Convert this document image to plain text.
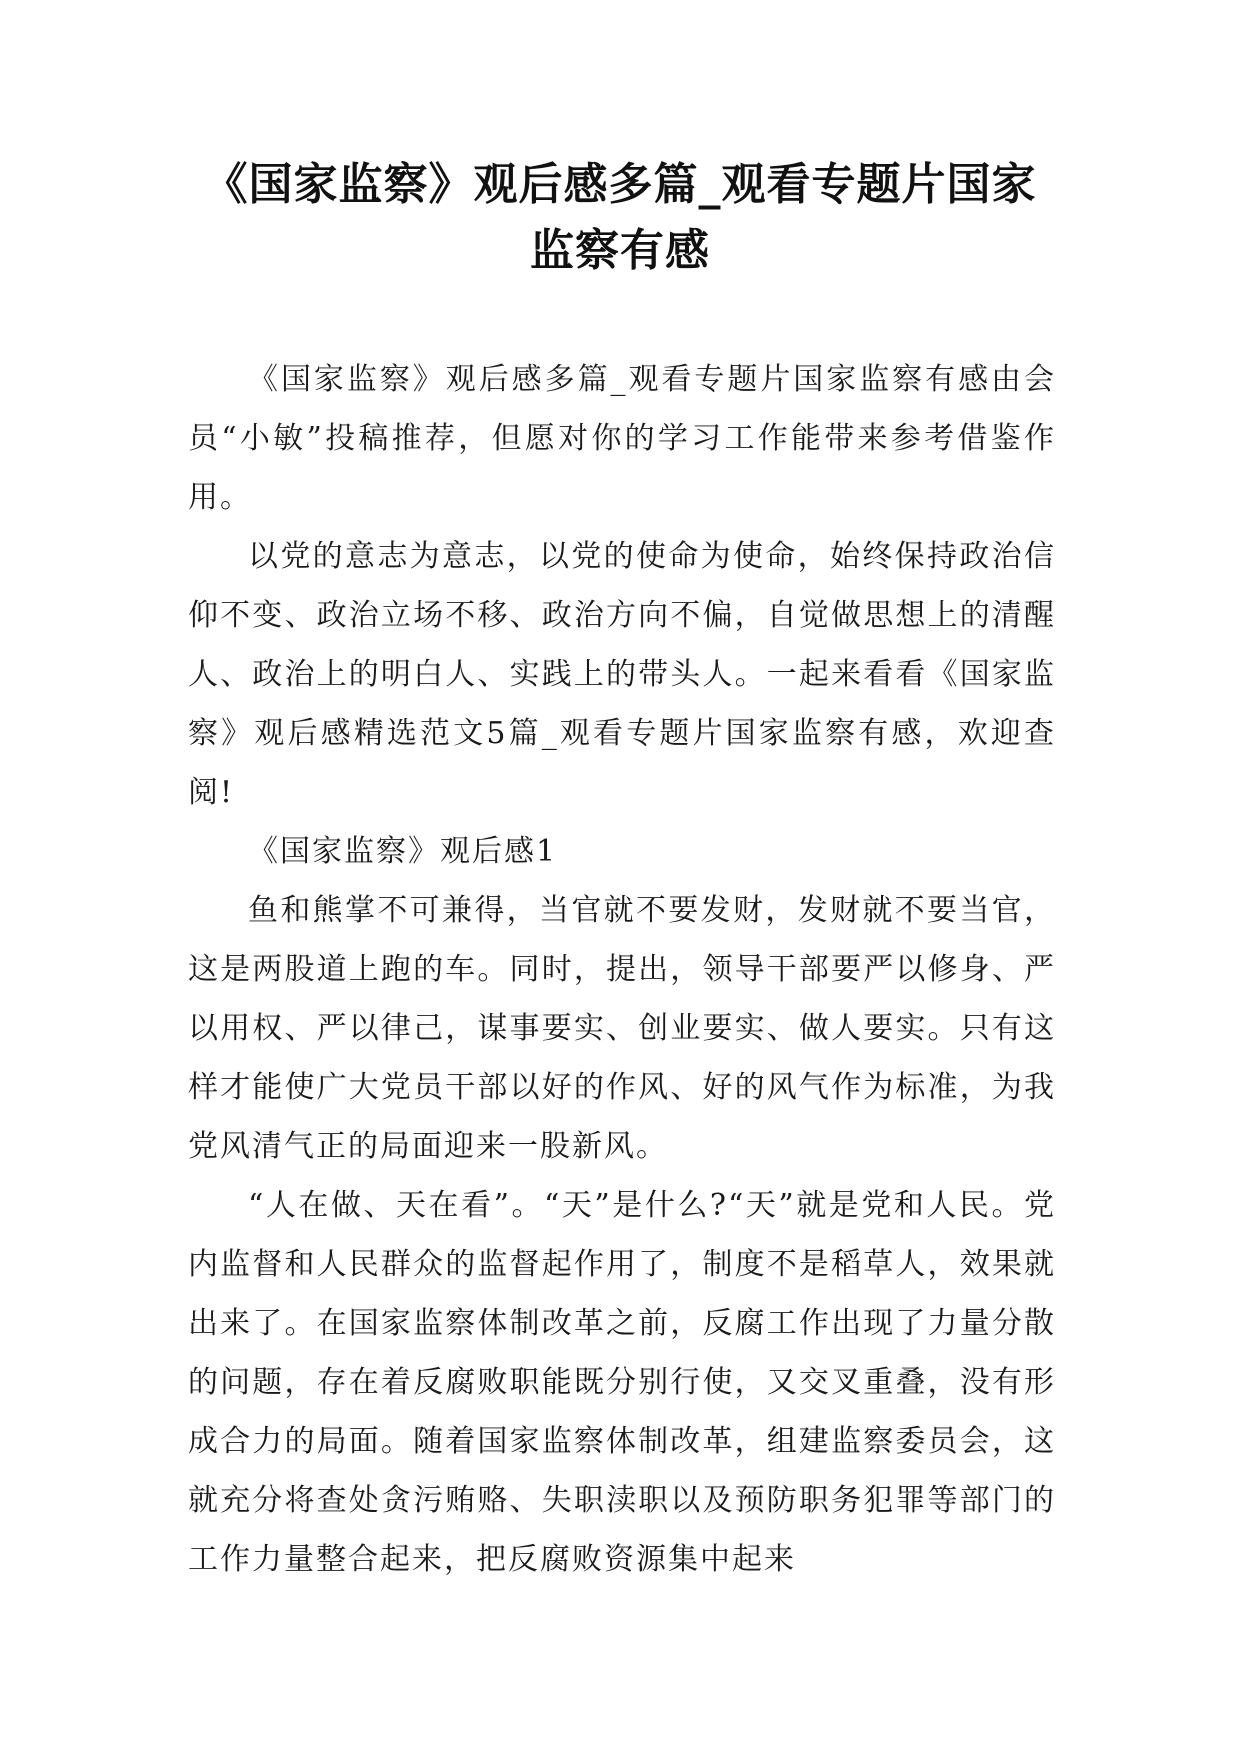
《国家监察》观后感多篇_观看专题片国家
监察有感

《国家监察》观后感多篇_观看专题片国家监察有感由会员“小敏”投稿推荐，但愿对你的学习工作能带来参考借鉴作用。

以党的意志为意志，以党的使命为使命，始终保持政治信仰不变、政治立场不移、政治方向不偏，自觉做思想上的清醒人、政治上的明白人、实践上的带头人。一起来看看《国家监察》观后感精选范文5篇_观看专题片国家监察有感，欢迎查阅!

《国家监察》观后感1

鱼和熊掌不可兼得，当官就不要发财，发财就不要当官，这是两股道上跑的车。同时，提出，领导干部要严以修身、严以用权、严以律己，谋事要实、创业要实、做人要实。只有这样才能使广大党员干部以好的作风、好的风气作为标准，为我党风清气正的局面迎来一股新风。

“人在做、天在看”。“天”是什么?“天”就是党和人民。党内监督和人民群众的监督起作用了，制度不是稻草人，效果就出来了。在国家监察体制改革之前，反腐工作出现了力量分散的问题，存在着反腐败职能既分别行使，又交叉重叠，没有形成合力的局面。随着国家监察体制改革，组建监察委员会，这就充分将查处贪污贿赂、失职渎职以及预防职务犯罪等部门的工作力量整合起来，把反腐败资源集中起来
